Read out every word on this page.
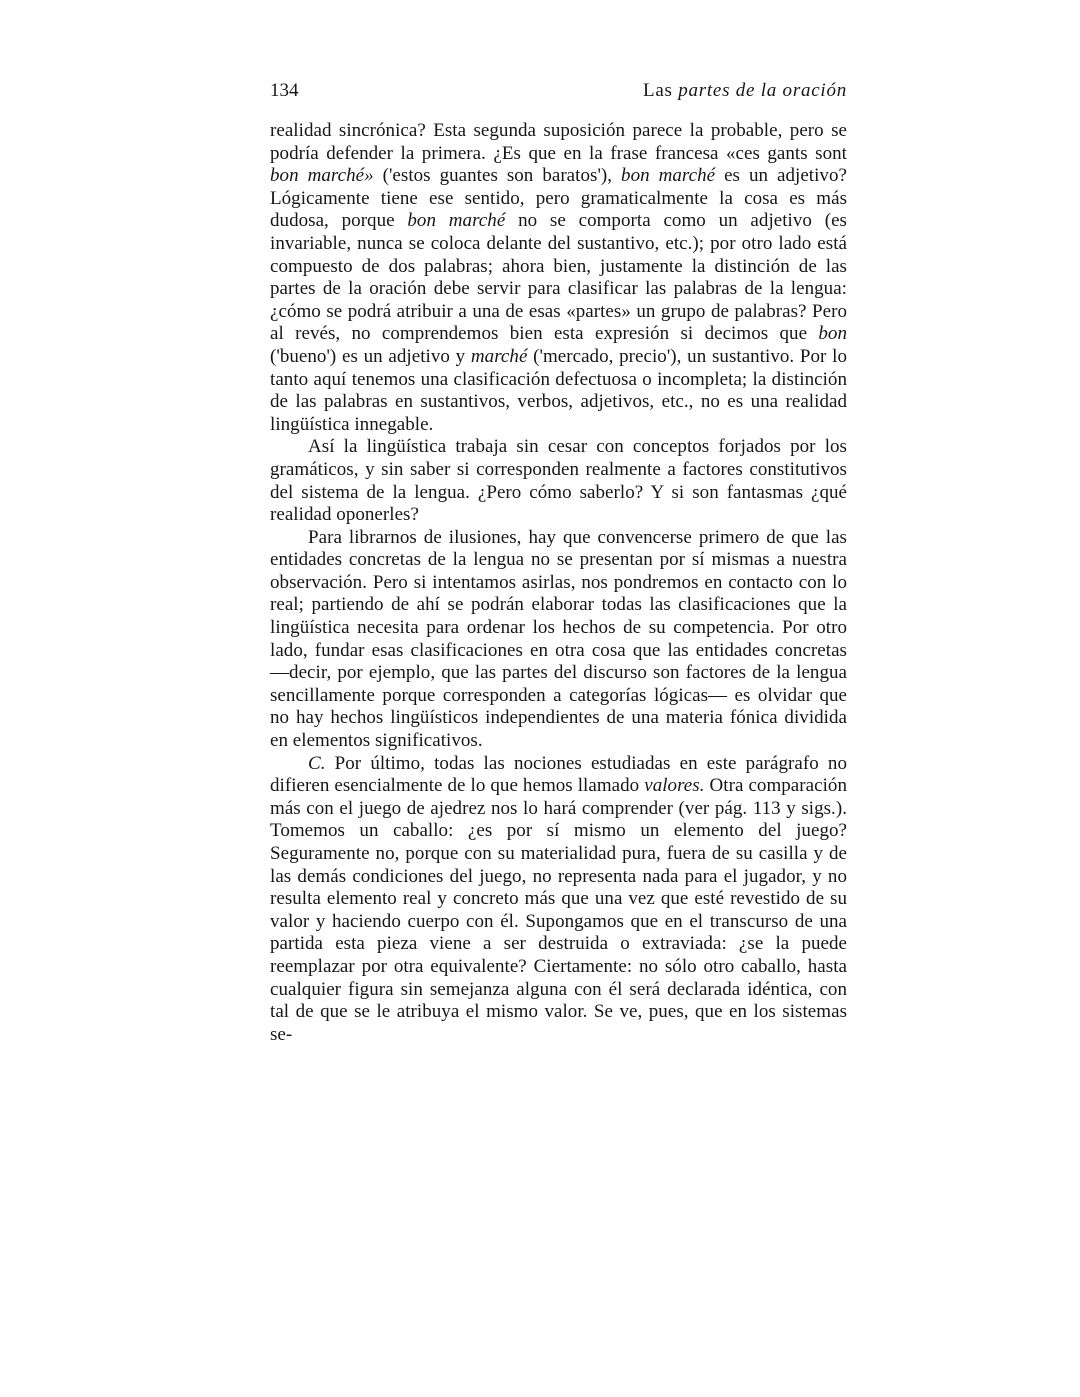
134	Las partes de la oración

realidad sincrónica? Esta segunda suposición parece la probable, pero se podría defender la primera. ¿Es que en la frase francesa «ces gants sont bon marché» ('estos guantes son baratos'), bon marché es un adjetivo? Lógicamente tiene ese sentido, pero gramaticalmente la cosa es más dudosa, porque bon marché no se comporta como un adjetivo (es invariable, nunca se coloca delante del sustantivo, etc.); por otro lado está compuesto de dos palabras; ahora bien, justamente la distinción de las partes de la oración debe servir para clasificar las palabras de la lengua: ¿cómo se podrá atribuir a una de esas «partes» un grupo de palabras? Pero al revés, no comprendemos bien esta expresión si decimos que bon ('bueno') es un adjetivo y marché ('mercado, precio'), un sustantivo. Por lo tanto aquí tenemos una clasificación defectuosa o incompleta; la distinción de las palabras en sustantivos, verbos, adjetivos, etc., no es una realidad lingüística innegable.

Así la lingüística trabaja sin cesar con conceptos forjados por los gramáticos, y sin saber si corresponden realmente a factores constitutivos del sistema de la lengua. ¿Pero cómo saberlo? Y si son fantasmas ¿qué realidad oponerles?

Para librarnos de ilusiones, hay que convencerse primero de que las entidades concretas de la lengua no se presentan por sí mismas a nuestra observación. Pero si intentamos asirlas, nos pondremos en contacto con lo real; partiendo de ahí se podrán elaborar todas las clasificaciones que la lingüística necesita para ordenar los hechos de su competencia. Por otro lado, fundar esas clasificaciones en otra cosa que las entidades concretas —decir, por ejemplo, que las partes del discurso son factores de la lengua sencillamente porque corresponden a categorías lógicas— es olvidar que no hay hechos lingüísticos independientes de una materia fónica dividida en elementos significativos.

C. Por último, todas las nociones estudiadas en este parágrafo no difieren esencialmente de lo que hemos llamado valores. Otra comparación más con el juego de ajedrez nos lo hará comprender (ver pág. 113 y sigs.). Tomemos un caballo: ¿es por sí mismo un elemento del juego? Seguramente no, porque con su materialidad pura, fuera de su casilla y de las demás condiciones del juego, no representa nada para el jugador, y no resulta elemento real y concreto más que una vez que esté revestido de su valor y haciendo cuerpo con él. Supongamos que en el transcurso de una partida esta pieza viene a ser destruida o extraviada: ¿se la puede reemplazar por otra equivalente? Ciertamente: no sólo otro caballo, hasta cualquier figura sin semejanza alguna con él será declarada idéntica, con tal de que se le atribuya el mismo valor. Se ve, pues, que en los sistemas se-
